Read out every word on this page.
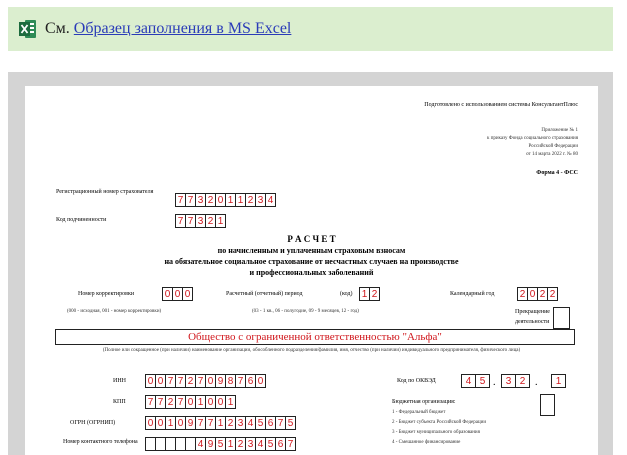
См. Образец заполнения в MS Excel
Подготовлено с использованием системы КонсультантПлюс
Приложение № 1
к приказу Фонда социального страхования
Российской Федерации
от 14 марта 2022 г. № 80
Форма 4 - ФСС
Регистрационный номер страхователя
7 7 3 2 0 1 1 2 3 4
Код подчиненности	7 7 3 2 1
Р А С Ч Е Т
по начисленным и уплаченным страховым взносам
на обязательное социальное страхование от несчастных случаев на производстве
и профессиональных заболеваний
Номер корректировки	0 0 0
(000 - исходная, 001 - номер корректировки)
Расчетный (отчетный) период	(код) 1 2
(03 - 1 кв., 06 - полугодие, 09 - 9 месяцев, 12 - год)
Календарный год	2 0 2 2
Прекращение
деятельности
Общество с ограниченной ответственностью "Альфа"
(Полное или сокращенное (при наличии) наименование организации, обособленного подразделения/фамилия, имя, отчество (при наличии) индивидуального предпринимателя, физического лица)
ИНН 0 0 7 7 2 7 0 9 8 7 6 0
КПП 7 7 2 7 0 1 0 0 1
ОГРН (ОГРНИП)	0 0 1 0 9 7 7 1 2 3 4 5 6 7 5
Номер контактного телефона	4 9 5 1 2 3 4 5 6 7
Код по ОКВЭД	4 5 .	3 2 .	1
Бюджетная организация:
1 - Федеральный бюджет
2 - Бюджет субъекта Российской Федерации
3 - Бюджет муниципального образования
4 - Смешанное финансирование
